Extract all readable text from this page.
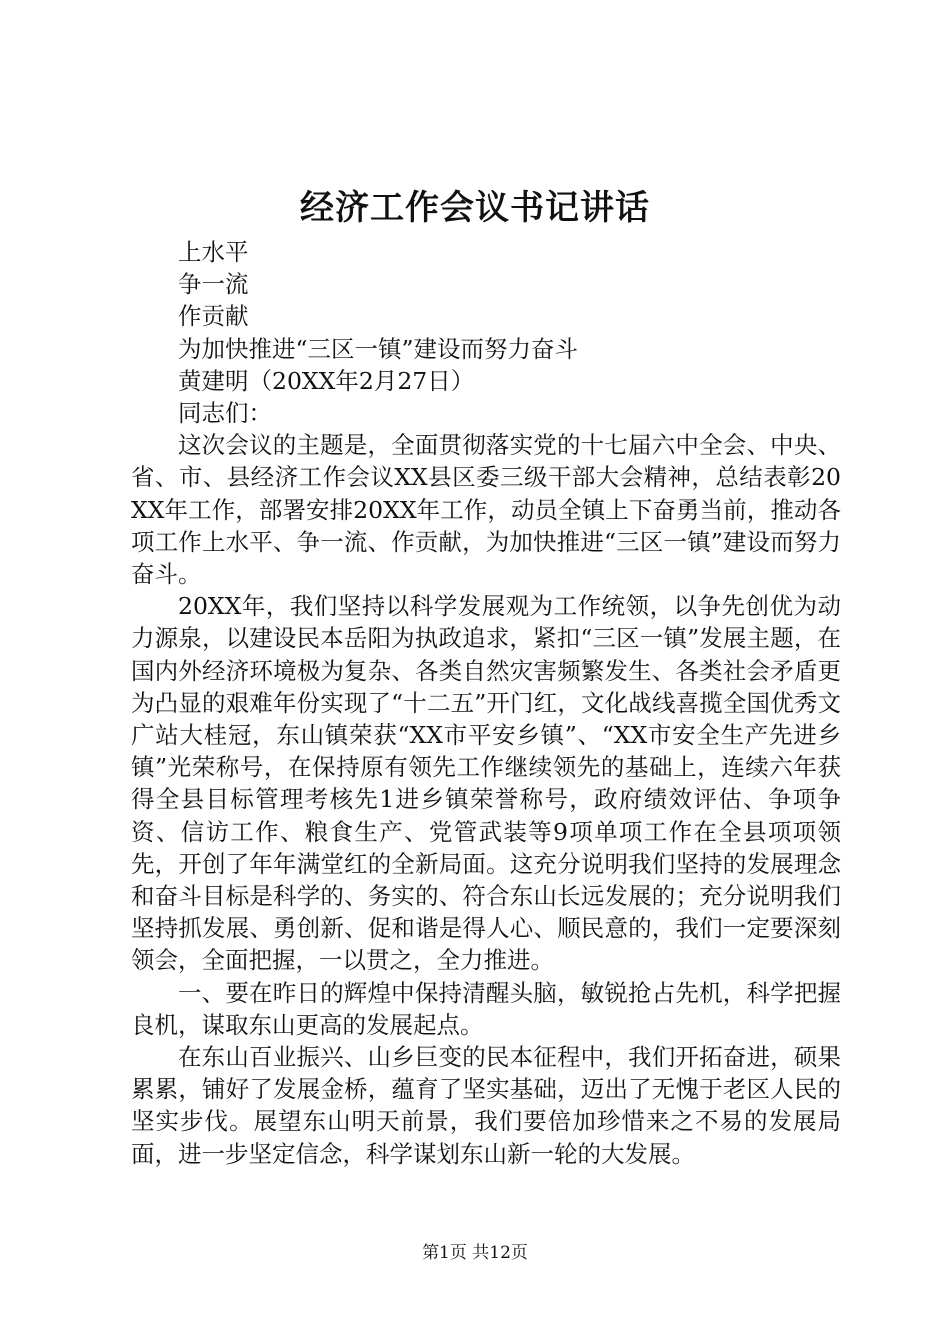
经济工作会议书记讲话

上水平

争一流

作贡献

为加快推进“三区一镇”建设而努力奋斗

黄建明（20XX年2月27日）

同志们：

这次会议的主题是，全面贯彻落实党的十七届六中全会、中央、省、市、县经济工作会议XX县区委三级干部大会精神，总结表彰20XX年工作，部署安排20XX年工作，动员全镇上下奋勇当前，推动各项工作上水平、争一流、作贡献，为加快推进“三区一镇”建设而努力奋斗。

20XX年，我们坚持以科学发展观为工作统领，以争先创优为动力源泉，以建设民本岳阳为执政追求，紧扣“三区一镇”发展主题，在国内外经济环境极为复杂、各类自然灾害频繁发生、各类社会矛盾更为凸显的艰难年份实现了“十二五”开门红，文化战线喜揽全国优秀文广站大桂冠，东山镇荣获“XX市平安乡镇”、“XX市安全生产先进乡镇”光荣称号，在保持原有领先工作继续领先的基础上，连续六年获得全县目标管理考核先1进乡镇荣誉称号，政府绩效评估、争项争资、信访工作、粮食生产、党管武装等9项单项工作在全县项项领先，开创了年年满堂红的全新局面。这充分说明我们坚持的发展理念和奋斗目标是科学的、务实的、符合东山长远发展的；充分说明我们坚持抓发展、勇创新、促和谐是得人心、顺民意的，我们一定要深刻领会，全面把握，一以贯之，全力推进。

一、要在昨日的辉煌中保持清醒头脑，敏锐抢占先机，科学把握良机，谋取东山更高的发展起点。

在东山百业振兴、山乡巨变的民本征程中，我们开拓奋进，硕果累累，铺好了发展金桥，蕴育了坚实基础，迈出了无愧于老区人民的坚实步伐。展望东山明天前景，我们要倍加珍惜来之不易的发展局面，进一步坚定信念，科学谋划东山新一轮的大发展。

第1页 共12页
